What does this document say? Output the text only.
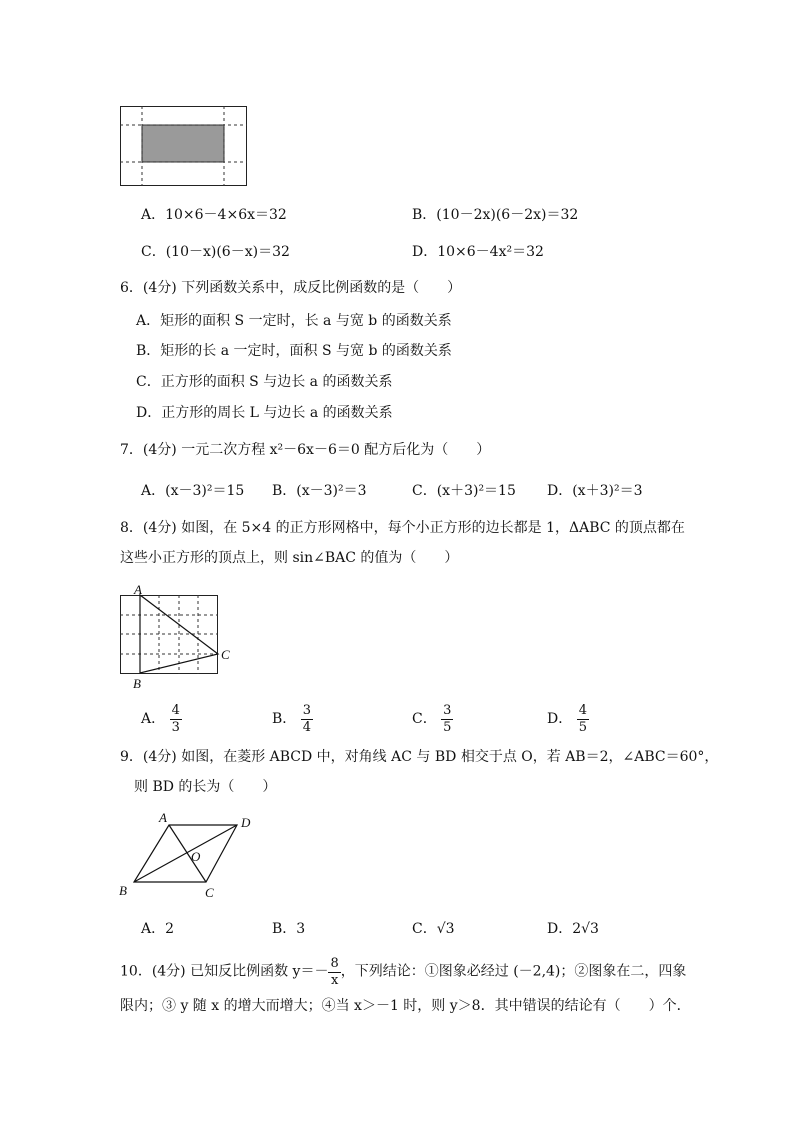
A．10×6－4×6x＝32	B．(10－2x)(6－2x)＝32
C．(10－x)(6－x)＝32	D．10×6－4x²＝32
6．(4分) 下列函数关系中，成反比例函数的是（　　）
A．矩形的面积 S 一定时，长 a 与宽 b 的函数关系
B．矩形的长 a 一定时，面积 S 与宽 b 的函数关系
C．正方形的面积 S 与边长 a 的函数关系
D．正方形的周长 L 与边长 a 的函数关系
7．(4分) 一元二次方程 x²－6x－6＝0 配方后化为（　　）
A．(x－3)²＝15 B．(x－3)²＝3	C．(x＋3)²＝15 D．(x＋3)²＝3
8．(4分) 如图，在 5×4 的正方形网格中，每个小正方形的边长都是 1，ΔABC 的顶点都在
这些小正方形的顶点上，则 sin∠BAC 的值为（　　）
A
B
C
A． $\frac{4}{3}$	B． $\frac{3}{4}$	C． $\frac{3}{5}$	D． $\frac{4}{5}$
9．(4分) 如图，在菱形 ABCD 中，对角线 AC 与 BD 相交于点 O，若 AB＝2，∠ABC＝60°，
则 BD 的长为（　　）
A	D
O
B	C
A．2	B．3	C．√3	D．2√3
10．(4分) 已知反比例函数 $y=- \frac{8}{x}$ ，下列结论：①图象必经过 (－2,4)；②图象在二，四象
限内；③ y 随 x 的增大而增大；④当 x＞－1 时，则 y＞8．其中错误的结论有（　　）个．
